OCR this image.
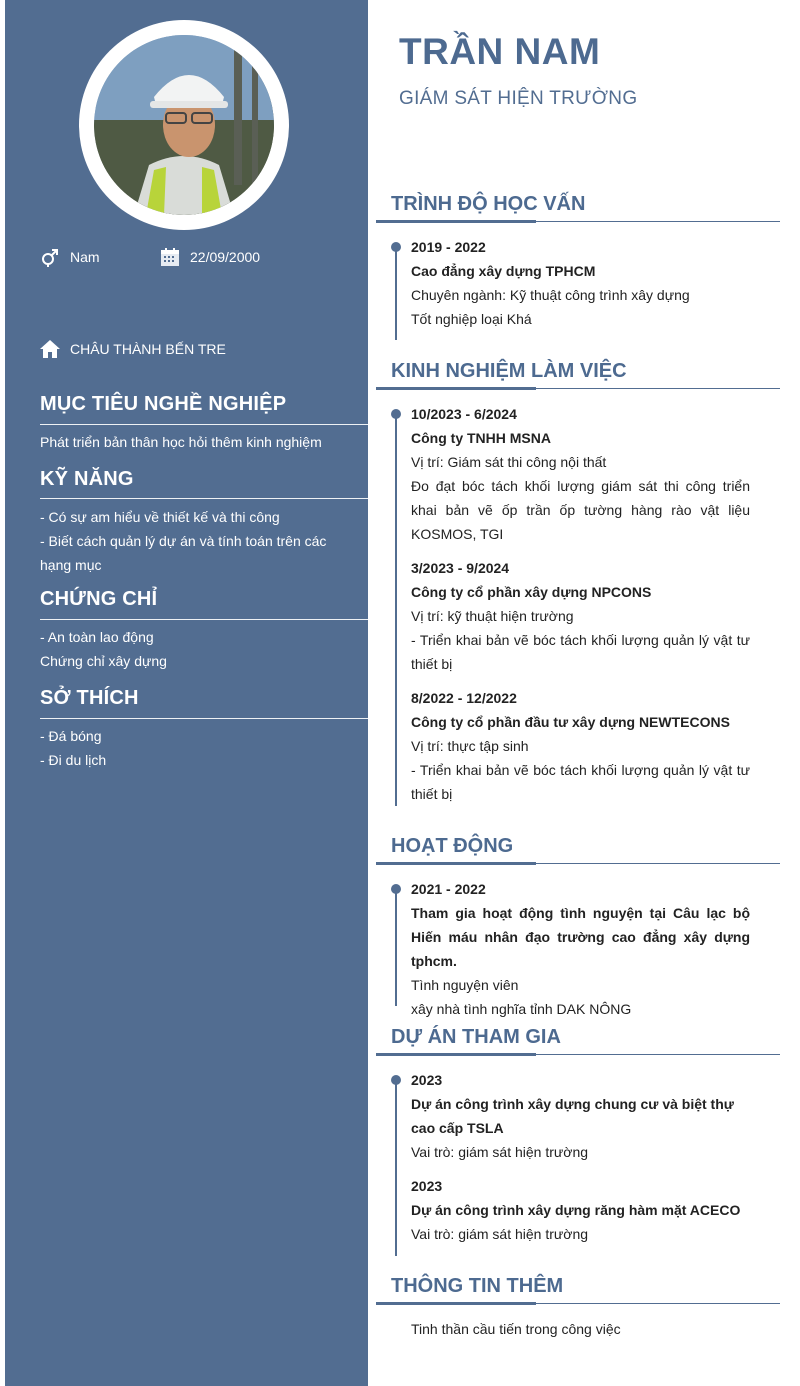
Nam	22/09/2000
CHÂU THÀNH BẾN TRE
MỤC TIÊU NGHỀ NGHIỆP
Phát triển bản thân học hỏi thêm kinh nghiệm
KỸ NĂNG
- Có sự am hiểu về thiết kế và thi công
- Biết cách quản lý dự án và tính toán trên các
hạng mục
CHỨNG CHỈ
- An toàn lao động
Chứng chỉ xây dựng
SỞ THÍCH
- Đá bóng
- Đi du lịch
TRẦN NAM
GIÁM SÁT HIỆN TRƯỜNG
TRÌNH ĐỘ HỌC VẤN
2019 - 2022
Cao đẳng xây dựng TPHCM
Chuyên ngành: Kỹ thuật công trình xây dựng
Tốt nghiệp loại Khá
KINH NGHIỆM LÀM VIỆC
10/2023 - 6/2024
Công ty TNHH MSNA
Vị trí: Giám sát thi công nội thất
Đo đạt bóc tách khối lượng giám sát thi công triển khai bản vẽ ốp trần ốp tường hàng rào vật liệu KOSMOS, TGI
3/2023 - 9/2024
Công ty cổ phần xây dựng NPCONS
Vị trí: kỹ thuật hiện trường
- Triển khai bản vẽ bóc tách khối lượng quản lý vật tư thiết bị
8/2022 - 12/2022
Công ty cổ phần đầu tư xây dựng NEWTECONS
Vị trí: thực tập sinh
- Triển khai bản vẽ bóc tách khối lượng quản lý vật tư thiết bị
HOẠT ĐỘNG
2021 - 2022
Tham gia hoạt động tình nguyện tại Câu lạc bộ Hiến máu nhân đạo trường cao đẳng xây dựng tphcm.
Tình nguyện viên
xây nhà tình nghĩa tỉnh DAK NÔNG
DỰ ÁN THAM GIA
2023
Dự án công trình xây dựng chung cư và biệt thự cao cấp TSLA
Vai trò: giám sát hiện trường
2023
Dự án công trình xây dựng răng hàm mặt ACECO
Vai trò: giám sát hiện trường
THÔNG TIN THÊM
Tinh thần cầu tiến trong công việc
